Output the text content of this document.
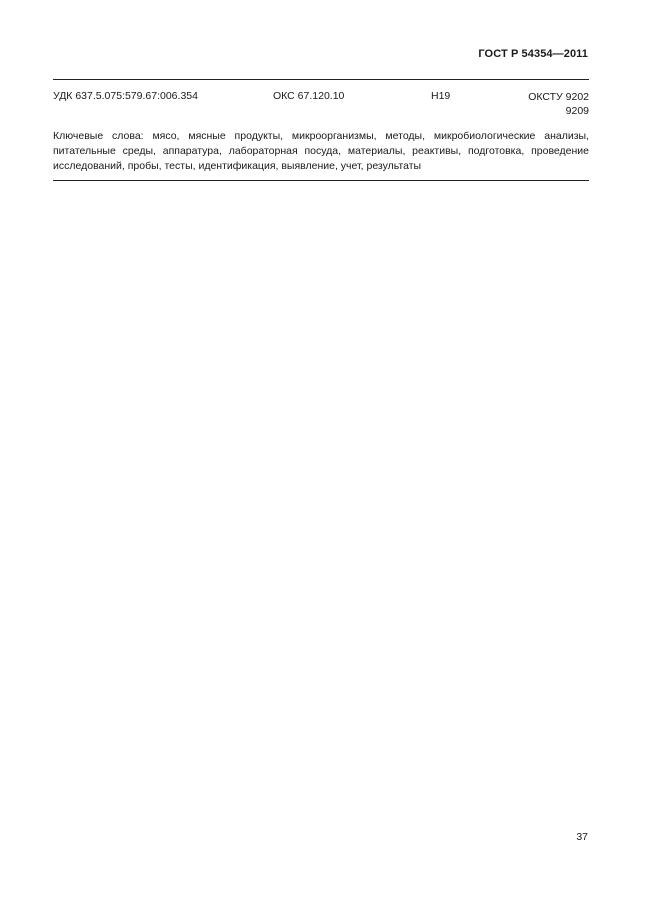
ГОСТ Р 54354—2011
УДК 637.5.075:579.67:006.354	ОКС 67.120.10	Н19	ОКСТУ 9202
9209

Ключевые слова: мясо, мясные продукты, микроорганизмы, методы, микробиологические анализы, питательные среды, аппаратура, лабораторная посуда, материалы, реактивы, подготовка, проведение исследований, пробы, тесты, идентификация, выявление, учет, результаты

37
